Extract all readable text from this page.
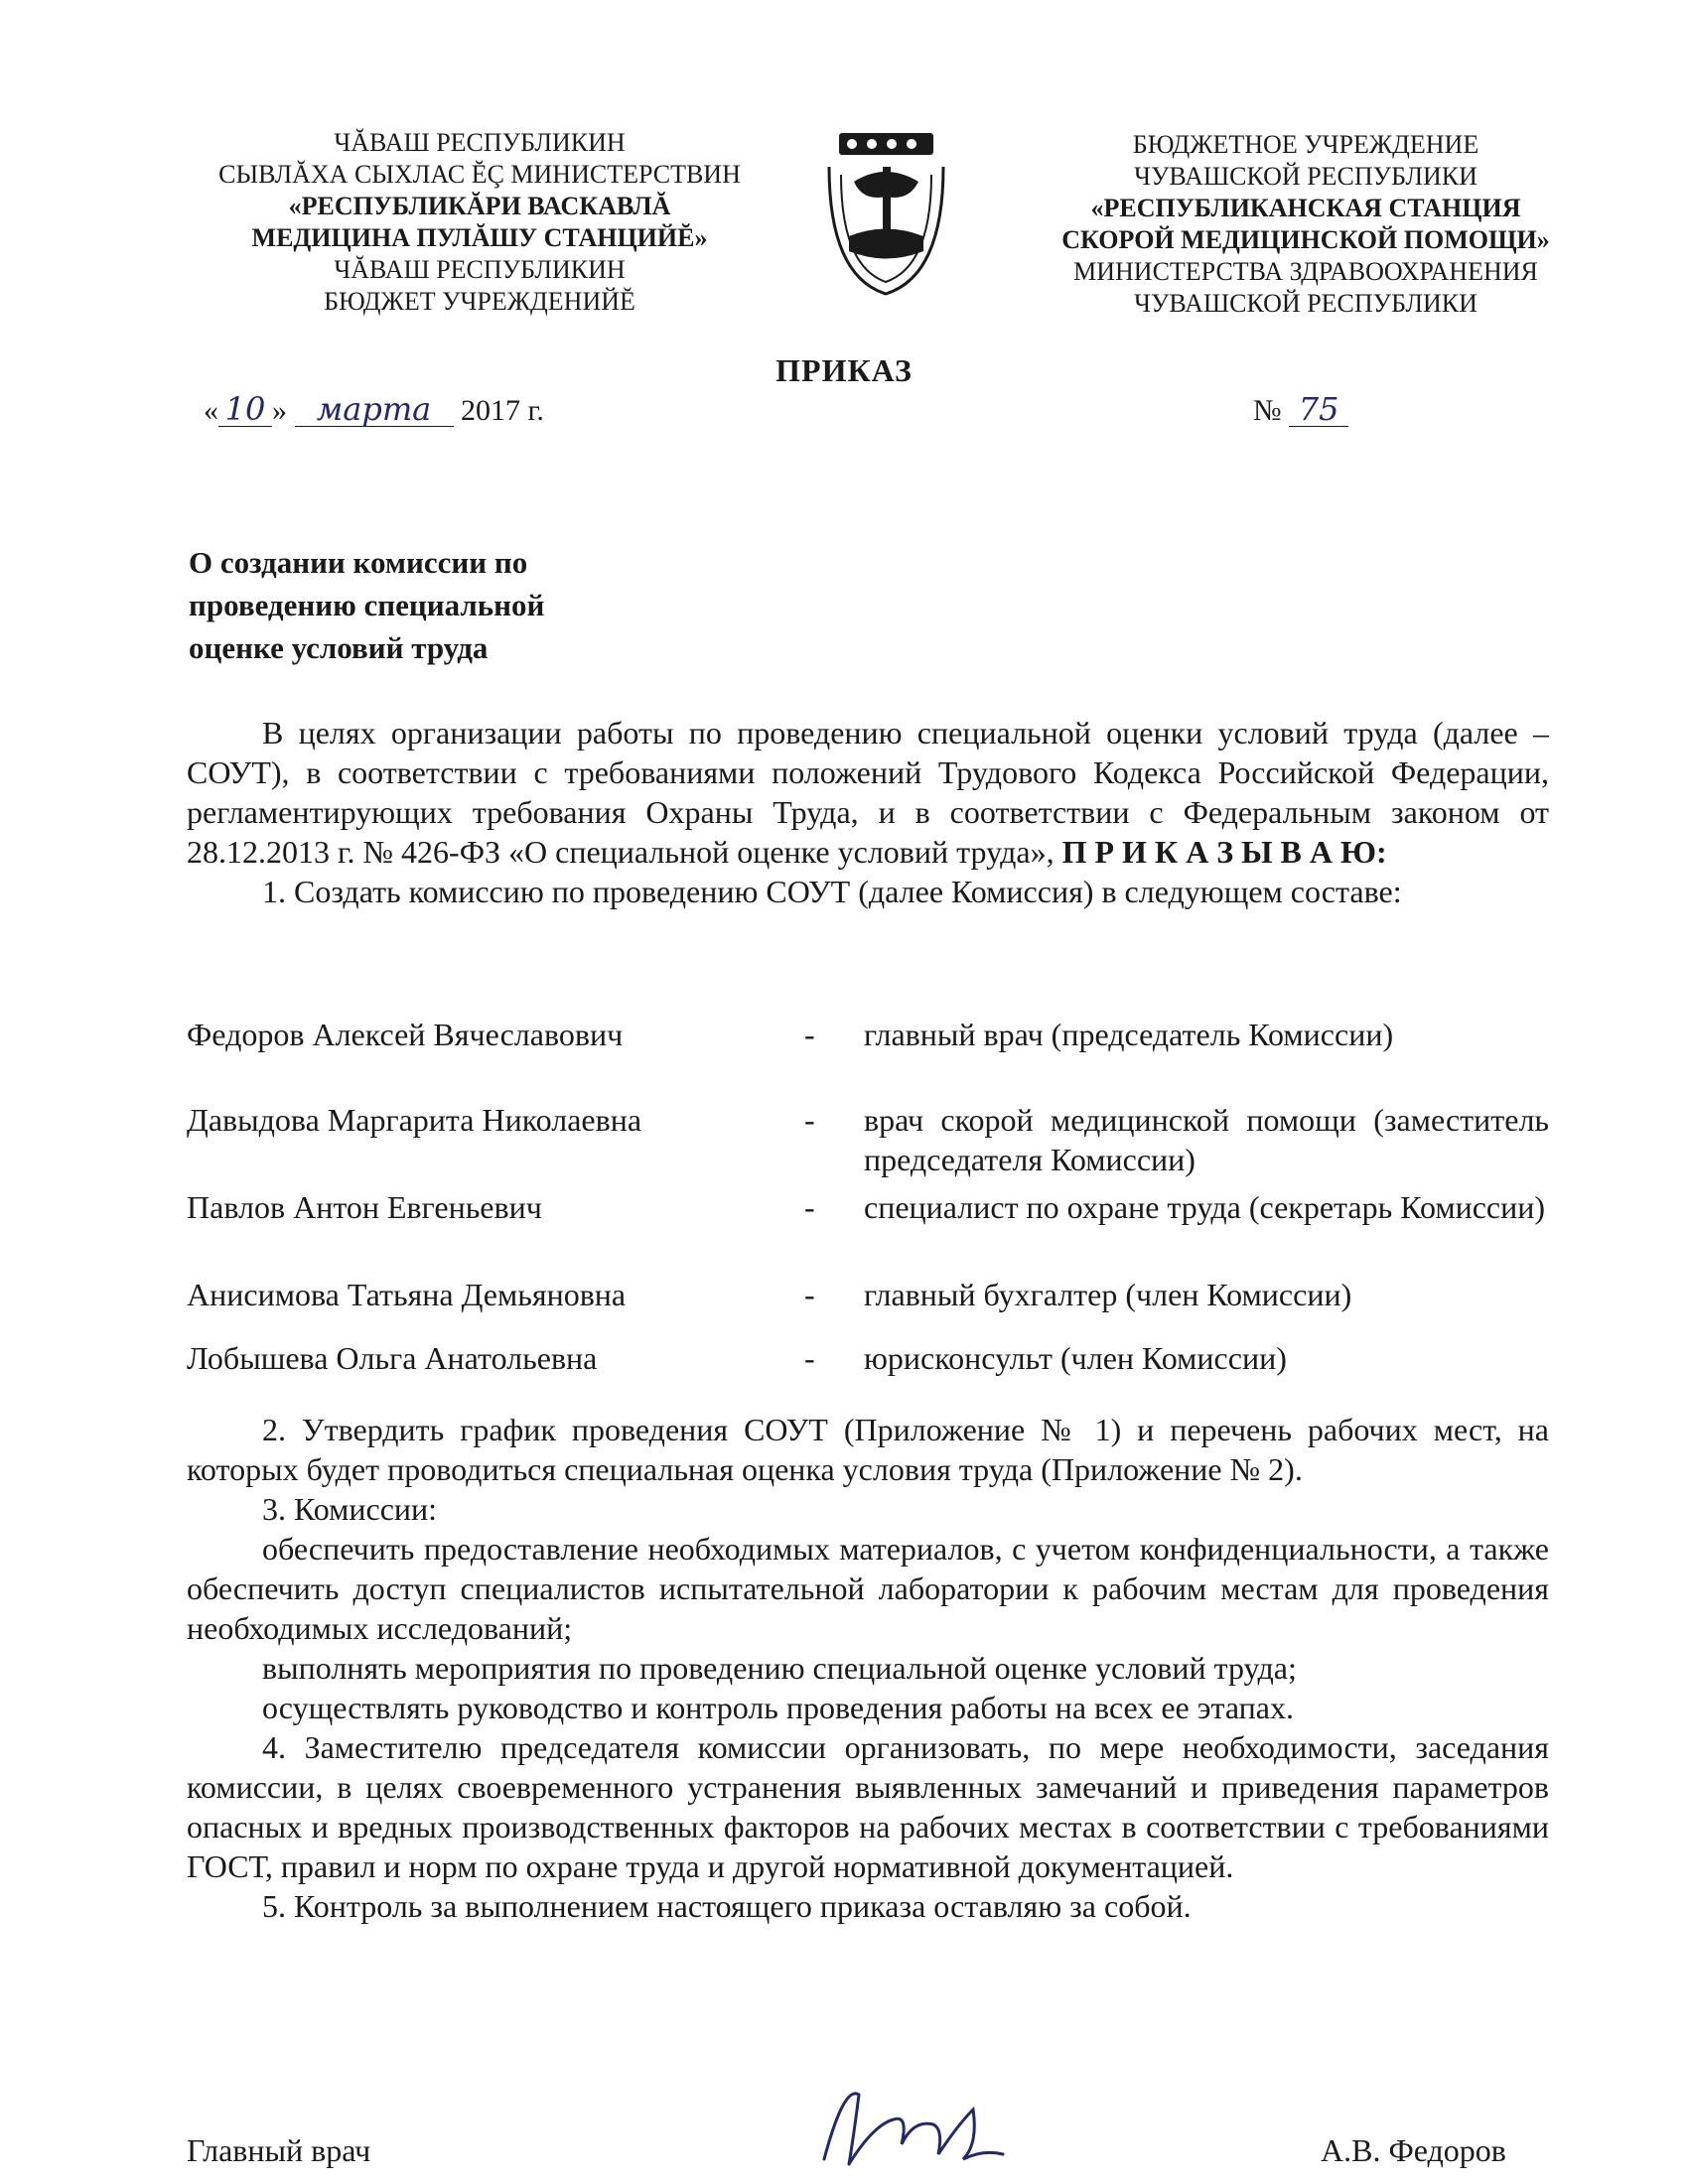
ЧĂВАШ РЕСПУБЛИКИН
СЫВЛĂХА СЫХЛАС ĔÇ МИНИСТЕРСТВИН
«РЕСПУБЛИКĂРИ ВАСКАВЛĂ
МЕДИЦИНА ПУЛĂШУ СТАНЦИЙĔ»
ЧĂВАШ РЕСПУБЛИКИН
БЮДЖЕТ УЧРЕЖДЕНИЙĔ
БЮДЖЕТНОЕ УЧРЕЖДЕНИЕ
ЧУВАШСКОЙ РЕСПУБЛИКИ
«РЕСПУБЛИКАНСКАЯ СТАНЦИЯ
СКОРОЙ МЕДИЦИНСКОЙ ПОМОЩИ»
МИНИСТЕРСТВА ЗДРАВООХРАНЕНИЯ
ЧУВАШСКОЙ РЕСПУБЛИКИ
ПРИКАЗ
« 10 » марта 2017 г.	№ 75
О создании комиссии по
проведению специальной
оценке условий труда

В целях организации работы по проведению специальной оценки условий труда (далее – СОУТ), в соответствии с требованиями положений Трудового Кодекса Российской Федерации, регламентирующих требования Охраны Труда, и в соответствии с Федеральным законом от 28.12.2013 г. № 426-ФЗ «О специальной оценке условий труда», П Р И К А З Ы В А Ю:

1. Создать комиссию по проведению СОУТ (далее Комиссия) в следующем составе:

Федоров Алексей Вячеславович	- главный врач (председатель Комиссии)
Давыдова Маргарита Николаевна	- врач скорой медицинской помощи (заместитель председателя Комиссии)
Павлов Антон Евгеньевич	- специалист по охране труда (секретарь Комиссии)
Анисимова Татьяна Демьяновна	- главный бухгалтер (член Комиссии)
Лобышева Ольга Анатольевна	- юрисконсульт (член Комиссии)

2. Утвердить график проведения СОУТ (Приложение № 1) и перечень рабочих мест, на которых будет проводиться специальная оценка условия труда (Приложение № 2).

3. Комиссии:

обеспечить предоставление необходимых материалов, с учетом конфиденциальности, а также обеспечить доступ специалистов испытательной лаборатории к рабочим местам для проведения необходимых исследований;

выполнять мероприятия по проведению специальной оценке условий труда;

осуществлять руководство и контроль проведения работы на всех ее этапах.

4. Заместителю председателя комиссии организовать, по мере необходимости, заседания комиссии, в целях своевременного устранения выявленных замечаний и приведения параметров опасных и вредных производственных факторов на рабочих местах в соответствии с требованиями ГОСТ, правил и норм по охране труда и другой нормативной документацией.

5. Контроль за выполнением настоящего приказа оставляю за собой.

Главный врач	А.В. Федоров
